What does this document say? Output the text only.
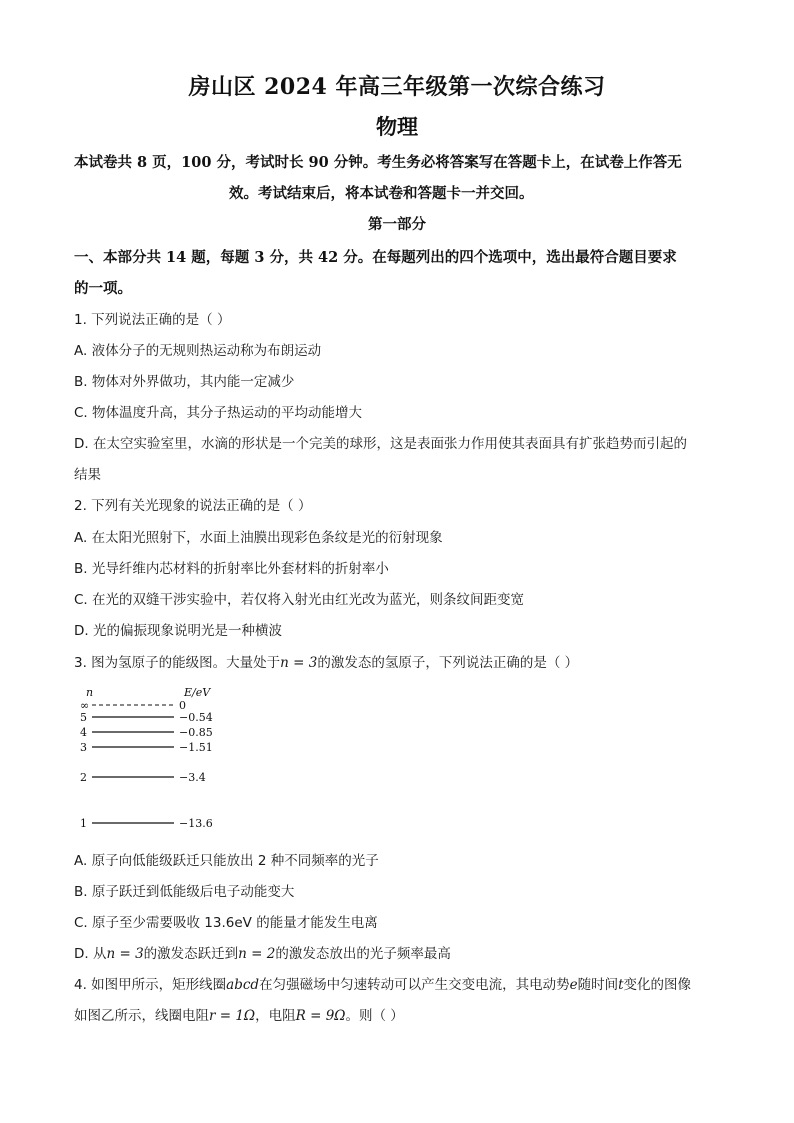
房山区 2024 年高三年级第一次综合练习
物理
本试卷共 8 页，100 分，考试时长 90 分钟。考生务必将答案写在答题卡上，在试卷上作答无
效。考试结束后，将本试卷和答题卡一并交回。
第一部分
一、本部分共 14 题，每题 3 分，共 42 分。在每题列出的四个选项中，选出最符合题目要求
的一项。
1. 下列说法正确的是（ ）
A. 液体分子的无规则热运动称为布朗运动
B. 物体对外界做功，其内能一定减少
C. 物体温度升高，其分子热运动的平均动能增大
D. 在太空实验室里，水滴的形状是一个完美的球形，这是表面张力作用使其表面具有扩张趋势而引起的
结果
2. 下列有关光现象的说法正确的是（ ）
A. 在太阳光照射下，水面上油膜出现彩色条纹是光的衍射现象
B. 光导纤维内芯材料的折射率比外套材料的折射率小
C. 在光的双缝干涉实验中，若仅将入射光由红光改为蓝光，则条纹间距变宽
D. 光的偏振现象说明光是一种横波
3. 图为氢原子的能级图。大量处于n = 3的激发态的氢原子，下列说法正确的是（ ）
n	E/eV
∞	0
5	−0.54
4	−0.85
3	−1.51
2	−3.4
1	−13.6
A. 原子向低能级跃迁只能放出 2 种不同频率的光子
B. 原子跃迁到低能级后电子动能变大
C. 原子至少需要吸收 13.6eV 的能量才能发生电离
D. 从n = 3的激发态跃迁到n = 2的激发态放出的光子频率最高
4. 如图甲所示，矩形线圈abcd在匀强磁场中匀速转动可以产生交变电流，其电动势e随时间t变化的图像
如图乙所示，线圈电阻r = 1Ω，电阻R = 9Ω。则（ ）
